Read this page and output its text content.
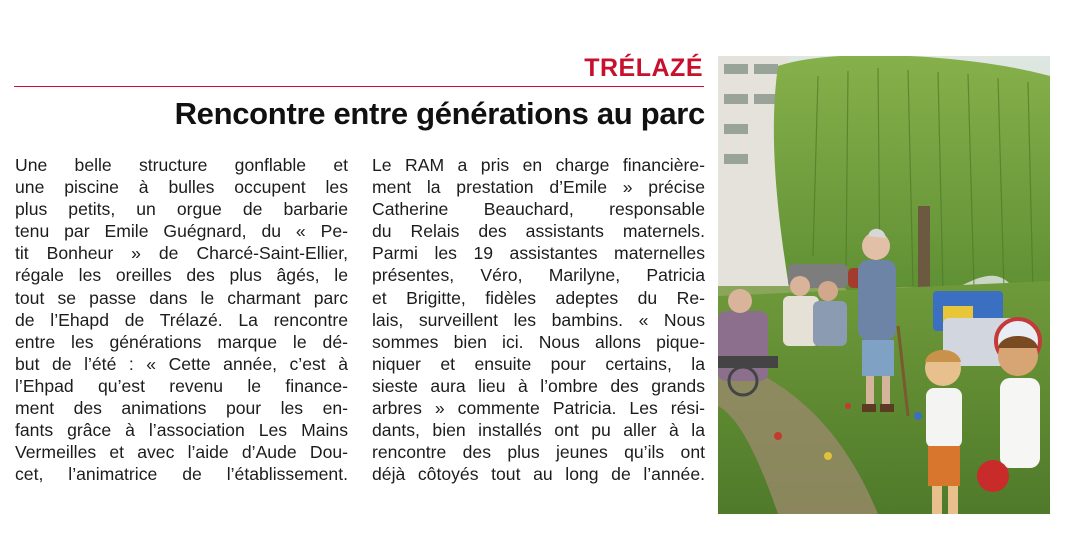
TRÉLAZÉ
Rencontre entre générations au parc
Une belle structure gonflable et
une piscine à bulles occupent les
plus petits, un orgue de barbarie
tenu par Emile Guégnard, du « Pe-
tit Bonheur » de Charcé-Saint-Ellier,
régale les oreilles des plus âgés, le
tout se passe dans le charmant parc
de l’Ehapd de Trélazé. La rencontre
entre les générations marque le dé-
but de l’été : « Cette année, c’est à
l’Ehpad qu’est revenu le finance-
ment des animations pour les en-
fants grâce à l’association Les Mains
Vermeilles et avec l’aide d’Aude Dou-
cet, l’animatrice de l’établissement.
Le RAM a pris en charge financière-
ment la prestation d’Emile » précise
Catherine Beauchard, responsable
du Relais des assistants maternels.
Parmi les 19 assistantes maternelles
présentes, Véro, Marilyne, Patricia
et Brigitte, fidèles adeptes du Re-
lais, surveillent les bambins. « Nous
sommes bien ici. Nous allons pique-
niquer et ensuite pour certains, la
sieste aura lieu à l’ombre des grands
arbres » commente Patricia. Les rési-
dants, bien installés ont pu aller à la
rencontre des plus jeunes qu’ils ont
déjà côtoyés tout au long de l’année.
